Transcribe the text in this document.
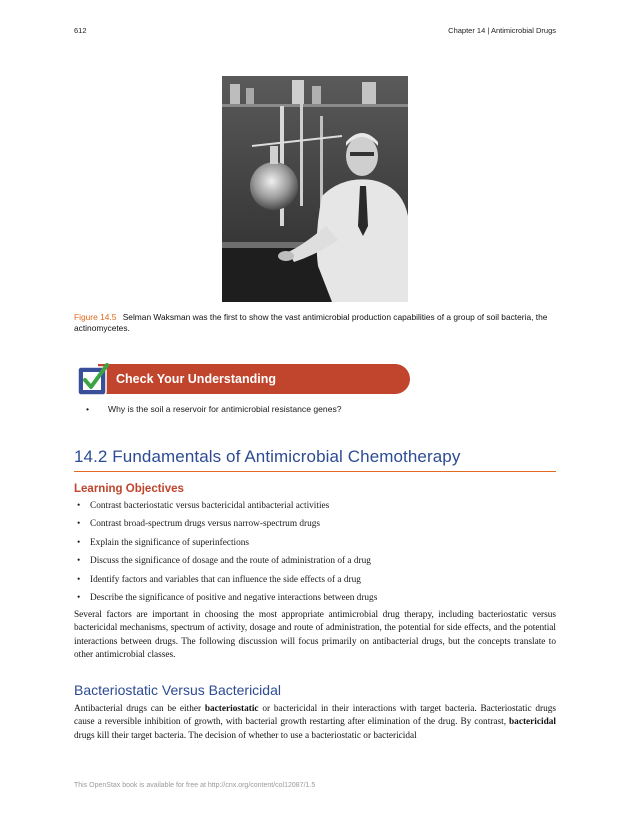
612	Chapter 14 | Antimicrobial Drugs
Figure 14.5 Selman Waksman was the first to show the vast antimicrobial production capabilities of a group of soil bacteria, the actinomycetes.
Check Your Understanding
• Why is the soil a reservoir for antimicrobial resistance genes?
14.2 Fundamentals of Antimicrobial Chemotherapy
Learning Objectives
• Contrast bacteriostatic versus bactericidal antibacterial activities
• Contrast broad-spectrum drugs versus narrow-spectrum drugs
• Explain the significance of superinfections
• Discuss the significance of dosage and the route of administration of a drug
• Identify factors and variables that can influence the side effects of a drug
• Describe the significance of positive and negative interactions between drugs
Several factors are important in choosing the most appropriate antimicrobial drug therapy, including bacteriostatic versus bactericidal mechanisms, spectrum of activity, dosage and route of administration, the potential for side effects, and the potential interactions between drugs. The following discussion will focus primarily on antibacterial drugs, but the concepts translate to other antimicrobial classes.
Bacteriostatic Versus Bactericidal
Antibacterial drugs can be either bacteriostatic or bactericidal in their interactions with target bacteria. Bacteriostatic drugs cause a reversible inhibition of growth, with bacterial growth restarting after elimination of the drug. By contrast, bactericidal drugs kill their target bacteria. The decision of whether to use a bacteriostatic or bactericidal
This OpenStax book is available for free at http://cnx.org/content/col12087/1.5
